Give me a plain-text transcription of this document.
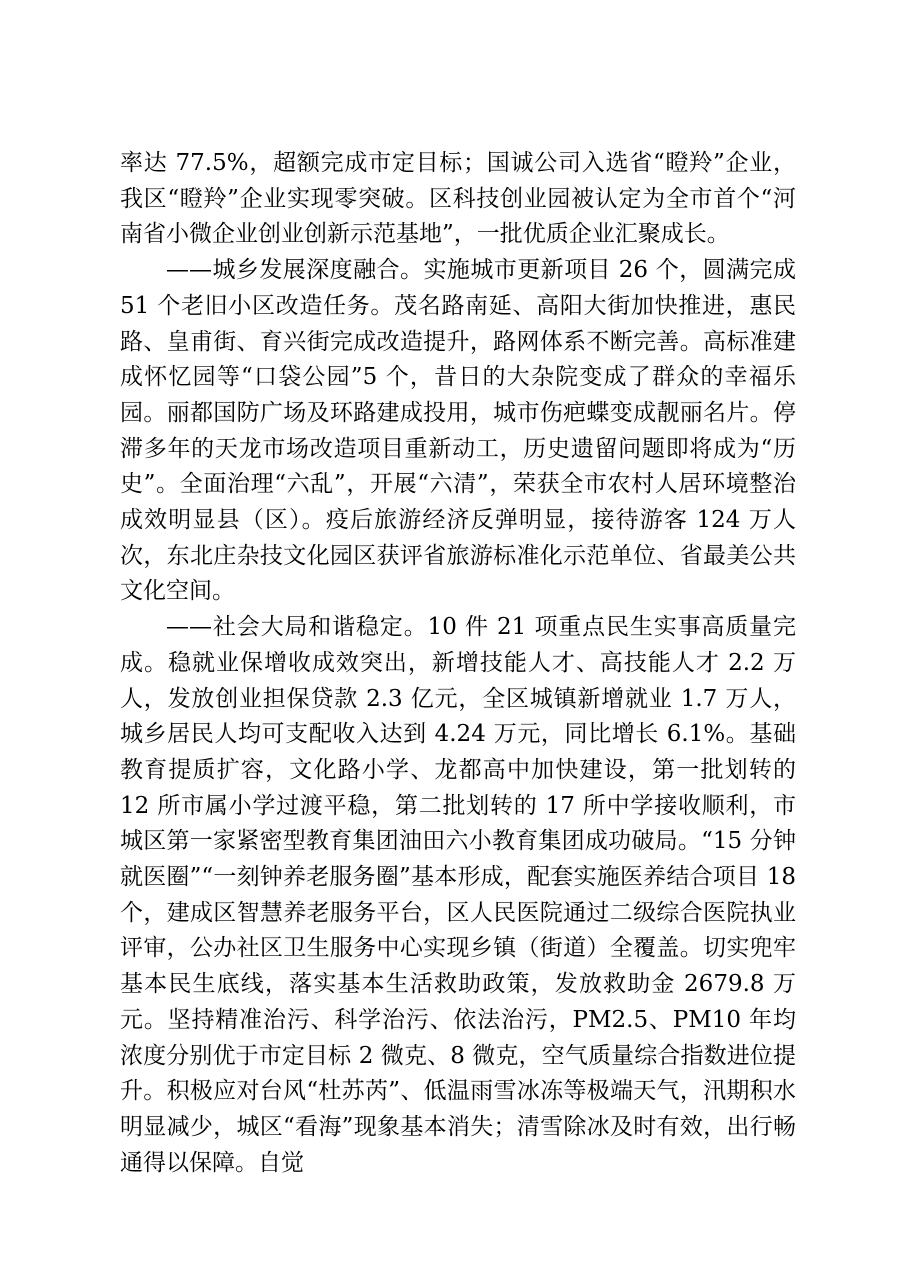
率达 77.5%，超额完成市定目标；国诚公司入选省“瞪羚”企业，我区“瞪羚”企业实现零突破。区科技创业园被认定为全市首个“河南省小微企业创业创新示范基地”，一批优质企业汇聚成长。

——城乡发展深度融合。实施城市更新项目 26 个，圆满完成 51 个老旧小区改造任务。茂名路南延、高阳大街加快推进，惠民路、皇甫街、育兴街完成改造提升，路网体系不断完善。高标准建成怀忆园等“口袋公园”5 个，昔日的大杂院变成了群众的幸福乐园。丽都国防广场及环路建成投用，城市伤疤蝶变成靓丽名片。停滞多年的天龙市场改造项目重新动工，历史遗留问题即将成为“历史”。全面治理“六乱”，开展“六清”，荣获全市农村人居环境整治成效明显县（区）。疫后旅游经济反弹明显，接待游客 124 万人次，东北庄杂技文化园区获评省旅游标准化示范单位、省最美公共文化空间。

——社会大局和谐稳定。10 件 21 项重点民生实事高质量完成。稳就业保增收成效突出，新增技能人才、高技能人才 2.2 万人，发放创业担保贷款 2.3 亿元，全区城镇新增就业 1.7 万人，城乡居民人均可支配收入达到 4.24 万元，同比增长 6.1%。基础教育提质扩容，文化路小学、龙都高中加快建设，第一批划转的 12 所市属小学过渡平稳，第二批划转的 17 所中学接收顺利，市城区第一家紧密型教育集团油田六小教育集团成功破局。“15 分钟就医圈”“一刻钟养老服务圈”基本形成，配套实施医养结合项目 18 个，建成区智慧养老服务平台，区人民医院通过二级综合医院执业评审，公办社区卫生服务中心实现乡镇（街道）全覆盖。切实兜牢基本民生底线，落实基本生活救助政策，发放救助金 2679.8 万元。坚持精准治污、科学治污、依法治污，PM2.5、PM10 年均浓度分别优于市定目标 2 微克、8 微克，空气质量综合指数进位提升。积极应对台风“杜苏芮”、低温雨雪冰冻等极端天气，汛期积水明显减少，城区“看海”现象基本消失；清雪除冰及时有效，出行畅通得以保障。自觉
